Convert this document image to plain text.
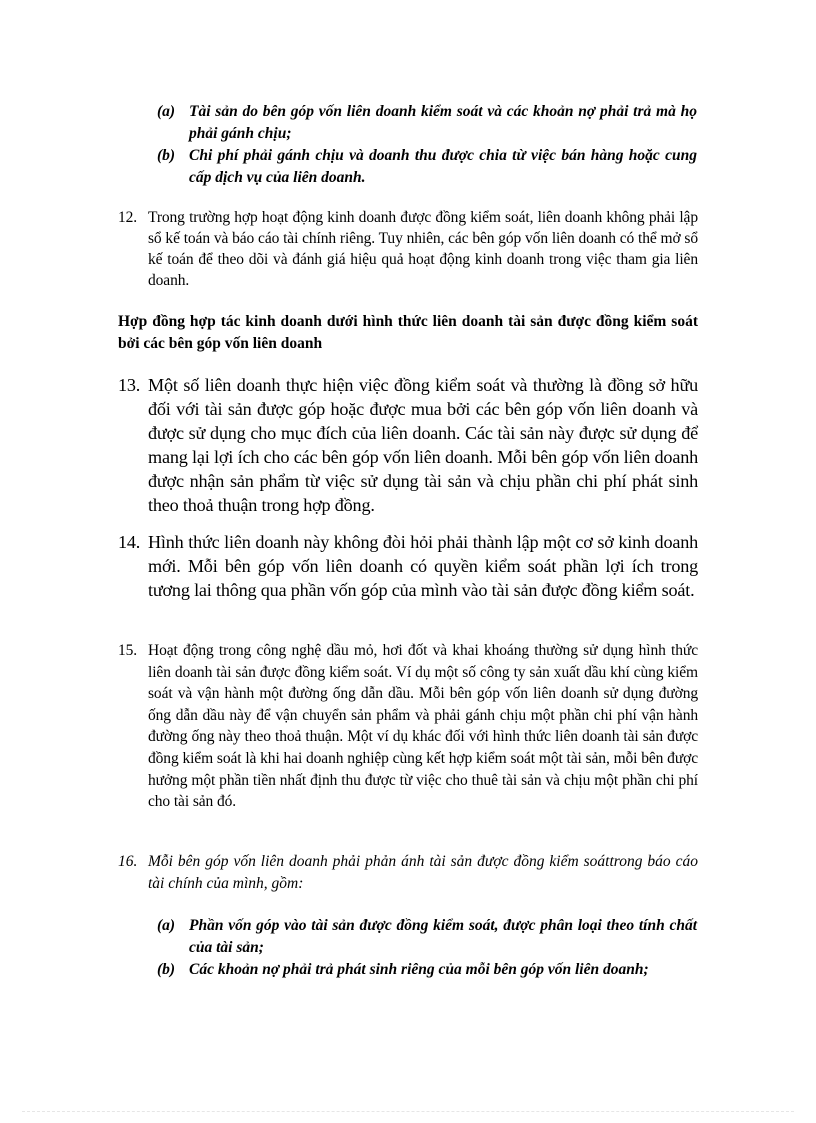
(a) Tài sản do bên góp vốn liên doanh kiểm soát và các khoản nợ phải trả mà họ phải gánh chịu;
(b) Chi phí phải gánh chịu và doanh thu được chia từ việc bán hàng hoặc cung cấp dịch vụ của liên doanh.
12. Trong trường hợp hoạt động kinh doanh được đồng kiểm soát, liên doanh không phải lập sổ kế toán và báo cáo tài chính riêng. Tuy nhiên, các bên góp vốn liên doanh có thể mở sổ kế toán để theo dõi và đánh giá hiệu quả hoạt động kinh doanh trong việc tham gia liên doanh.
Hợp đồng hợp tác kinh doanh dưới hình thức liên doanh tài sản được đồng kiểm soát bởi các bên góp vốn liên doanh
13. Một số liên doanh thực hiện việc đồng kiểm soát và thường là đồng sở hữu đối với tài sản được góp hoặc được mua bởi các bên góp vốn liên doanh và được sử dụng cho mục đích của liên doanh. Các tài sản này được sử dụng để mang lại lợi ích cho các bên góp vốn liên doanh. Mỗi bên góp vốn liên doanh được nhận sản phẩm từ việc sử dụng tài sản và chịu phần chi phí phát sinh theo thoả thuận trong hợp đồng.
14. Hình thức liên doanh này không đòi hỏi phải thành lập một cơ sở kinh doanh mới. Mỗi bên góp vốn liên doanh có quyền kiểm soát phần lợi ích trong tương lai thông qua phần vốn góp của mình vào tài sản được đồng kiểm soát.
15. Hoạt động trong công nghệ dầu mỏ, hơi đốt và khai khoáng thường sử dụng hình thức liên doanh tài sản được đồng kiểm soát. Ví dụ một số công ty sản xuất dầu khí cùng kiểm soát và vận hành một đường ống dẫn dầu. Mỗi bên góp vốn liên doanh sử dụng đường ống dẫn dầu này để vận chuyển sản phẩm và phải gánh chịu một phần chi phí vận hành đường ống này theo thoả thuận. Một ví dụ khác đối với hình thức liên doanh tài sản được đồng kiểm soát là khi hai doanh nghiệp cùng kết hợp kiểm soát một tài sản, mỗi bên được hưởng một phần tiền nhất định thu được từ việc cho thuê tài sản và chịu một phần chi phí cho tài sản đó.
16. Mỗi bên góp vốn liên doanh phải phản ánh tài sản được đồng kiểm soáttrong báo cáo tài chính của mình, gồm:
(a) Phần vốn góp vào tài sản được đồng kiểm soát, được phân loại theo tính chất của tài sản;
(b) Các khoản nợ phải trả phát sinh riêng của mỗi bên góp vốn liên doanh;
